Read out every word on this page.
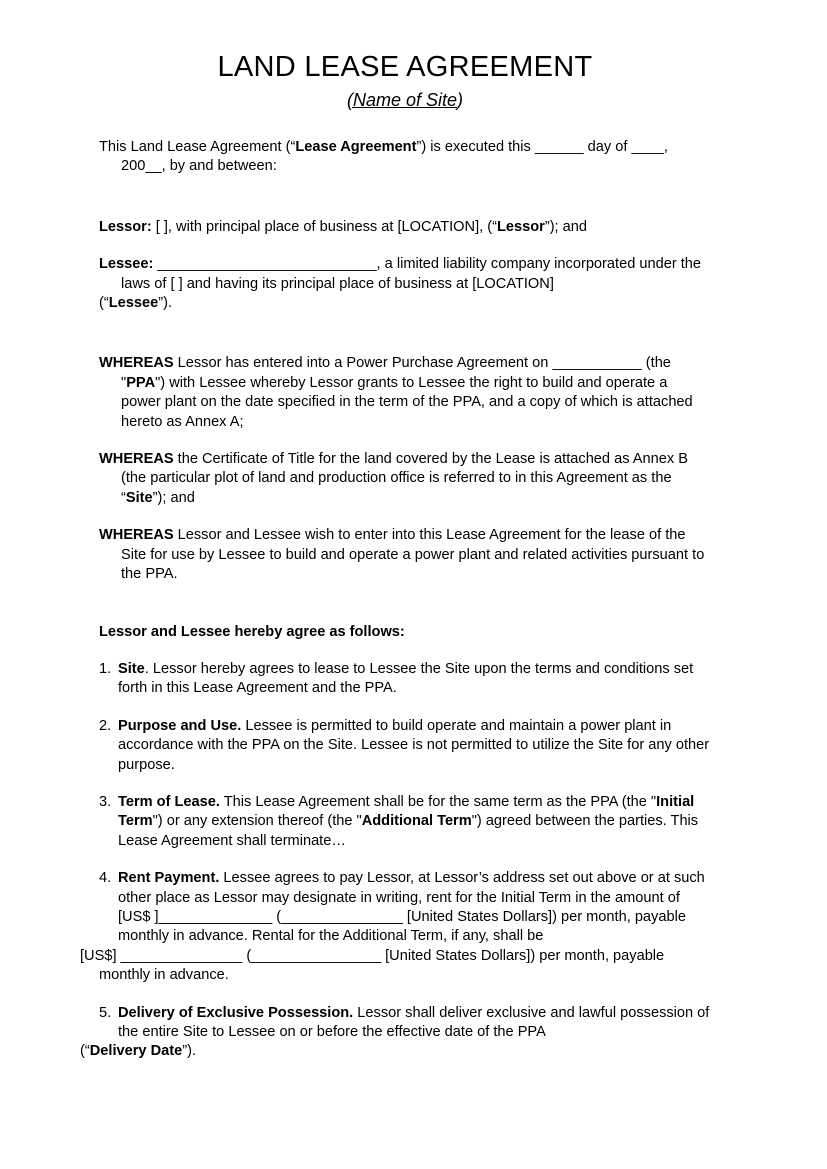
LAND LEASE AGREEMENT
(Name of Site)

This Land Lease Agreement (“Lease Agreement”) is executed this ______ day of ____, 200__, by and between:

Lessor: [ ], with principal place of business at [LOCATION], (“Lessor”); and

Lessee: ___________________________, a limited liability company incorporated under the laws of [ ] and having its principal place of business at [LOCATION]

(“Lessee”).

WHEREAS Lessor has entered into a Power Purchase Agreement on ___________ (the "PPA") with Lessee whereby Lessor grants to Lessee the right to build and operate a power plant on the date specified in the term of the PPA, and a copy of which is attached hereto as Annex A;

WHEREAS the Certificate of Title for the land covered by the Lease is attached as Annex B (the particular plot of land and production office is referred to in this Agreement as the “Site”); and

WHEREAS Lessor and Lessee wish to enter into this Lease Agreement for the lease of the Site for use by Lessee to build and operate a power plant and related activities pursuant to the PPA.

Lessor and Lessee hereby agree as follows:

1. Site. Lessor hereby agrees to lease to Lessee the Site upon the terms and conditions set forth in this Lease Agreement and the PPA.

2. Purpose and Use. Lessee is permitted to build operate and maintain a power plant in accordance with the PPA on the Site. Lessee is not permitted to utilize the Site for any other purpose.

3. Term of Lease. This Lease Agreement shall be for the same term as the PPA (the "Initial Term") or any extension thereof (the "Additional Term") agreed between the parties. This Lease Agreement shall terminate…

4. Rent Payment. Lessee agrees to pay Lessor, at Lessor’s address set out above or at such other place as Lessor may designate in writing, rent for the Initial Term in the amount of [US$ ]______________ (_______________ [United States Dollars]) per month, payable monthly in advance. Rental for the Additional Term, if any, shall be

[US$] _______________ (________________ [United States Dollars]) per month, payable

monthly in advance.

5. Delivery of Exclusive Possession. Lessor shall deliver exclusive and lawful possession of the entire Site to Lessee on or before the effective date of the PPA

(“Delivery Date”).
